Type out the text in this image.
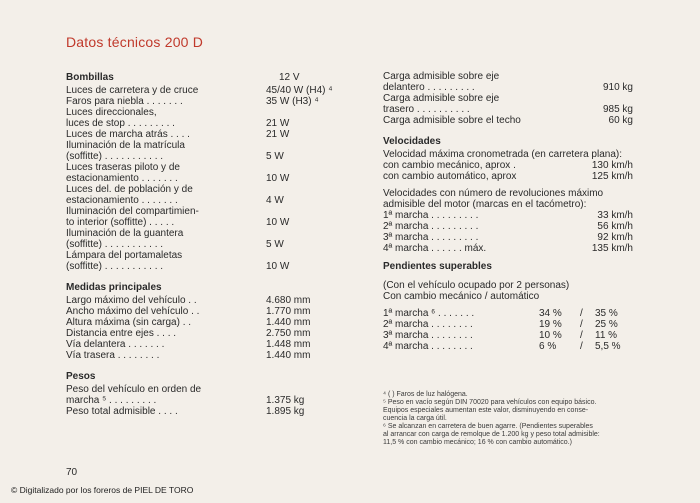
Datos técnicos 200 D
Bombillas	12 V
Luces de carretera y de cruce	45/40 W (H4) ⁴
Faros para niebla . . . . . . .	35 W (H3) ⁴
Luces direccionales,
luces de stop . . . . . . . . .	21 W
Luces de marcha atrás . . . .	21 W
Iluminación de la matrícula
(soffitte) . . . . . . . . . . .	5 W
Luces traseras piloto y de
estacionamiento . . . . . . .	10 W
Luces del. de población y de
estacionamiento . . . . . . .	4 W
Iluminación del compartimien-
to interior (soffitte) . . . . .	10 W
Iluminación de la guantera
(soffitte) . . . . . . . . . . .	5 W
Lámpara del portamaletas
(soffitte) . . . . . . . . . . .	10 W
Medidas principales
Largo máximo del vehículo . .	4.680 mm
Ancho máximo del vehículo . .	1.770 mm
Altura máxima (sin carga) . .	1.440 mm
Distancia entre ejes . . . .	2.750 mm
Vía delantera . . . . . . .	1.448 mm
Vía trasera . . . . . . . .	1.440 mm
Pesos
Peso del vehículo en orden de
marcha ⁵ . . . . . . . . .	1.375 kg
Peso total admisible . . . .	1.895 kg
Carga admisible sobre eje
delantero . . . . . . . . .	910 kg
Carga admisible sobre eje
trasero . . . . . . . . . .	985 kg
Carga admisible sobre el techo	60 kg
Velocidades
Velocidad máxima cronometrada (en carretera plana):
con cambio mecánico, aprox .	130 km/h
con cambio automático, aprox	125 km/h
Velocidades con número de revoluciones máximo
admisible del motor (marcas en el tacómetro):
1ª marcha . . . . . . . . .	33 km/h
2ª marcha . . . . . . . . .	56 km/h
3ª marcha . . . . . . . . .	92 km/h
4ª marcha . . . . . . máx.	135 km/h
Pendientes superables
(Con el vehículo ocupado por 2 personas)
Con cambio mecánico / automático
1ª marcha ⁶ . . . . . . .	34 % / 35 %
2ª marcha . . . . . . . .	19 % / 25 %
3ª marcha . . . . . . . .	10 % / 11 %
4ª marcha . . . . . . . .	6 % / 5,5 %
⁴ ( ) Faros de luz halógena.
⁵ Peso en vacío según DIN 70020 para vehículos con equipo básico.
Equipos especiales aumentan este valor, disminuyendo en conse-
cuencia la carga útil.
⁶ Se alcanzan en carretera de buen agarre. (Pendientes superables
al arrancar con carga de remolque de 1.200 kg y peso total admisible:
11,5 % con cambio mecánico; 16 % con cambio automático.)
70
© Digitalizado por los foreros de PIEL DE TORO
